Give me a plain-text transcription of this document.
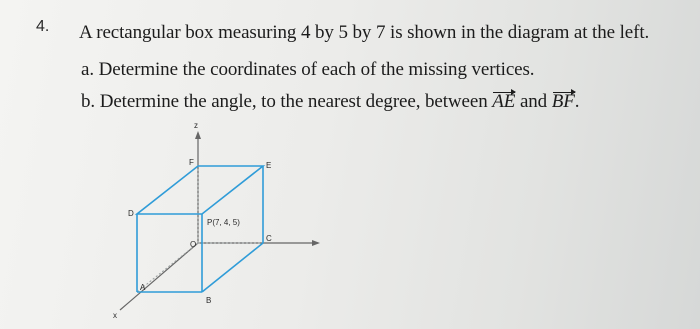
4. A rectangular box measuring 4 by 5 by 7 is shown in the diagram at the left.
a. Determine the coordinates of each of the missing vertices.
b. Determine the angle, to the nearest degree, between AE and BF.
z
x
O
F	E
D
P(7, 4, 5)
C
A
B
